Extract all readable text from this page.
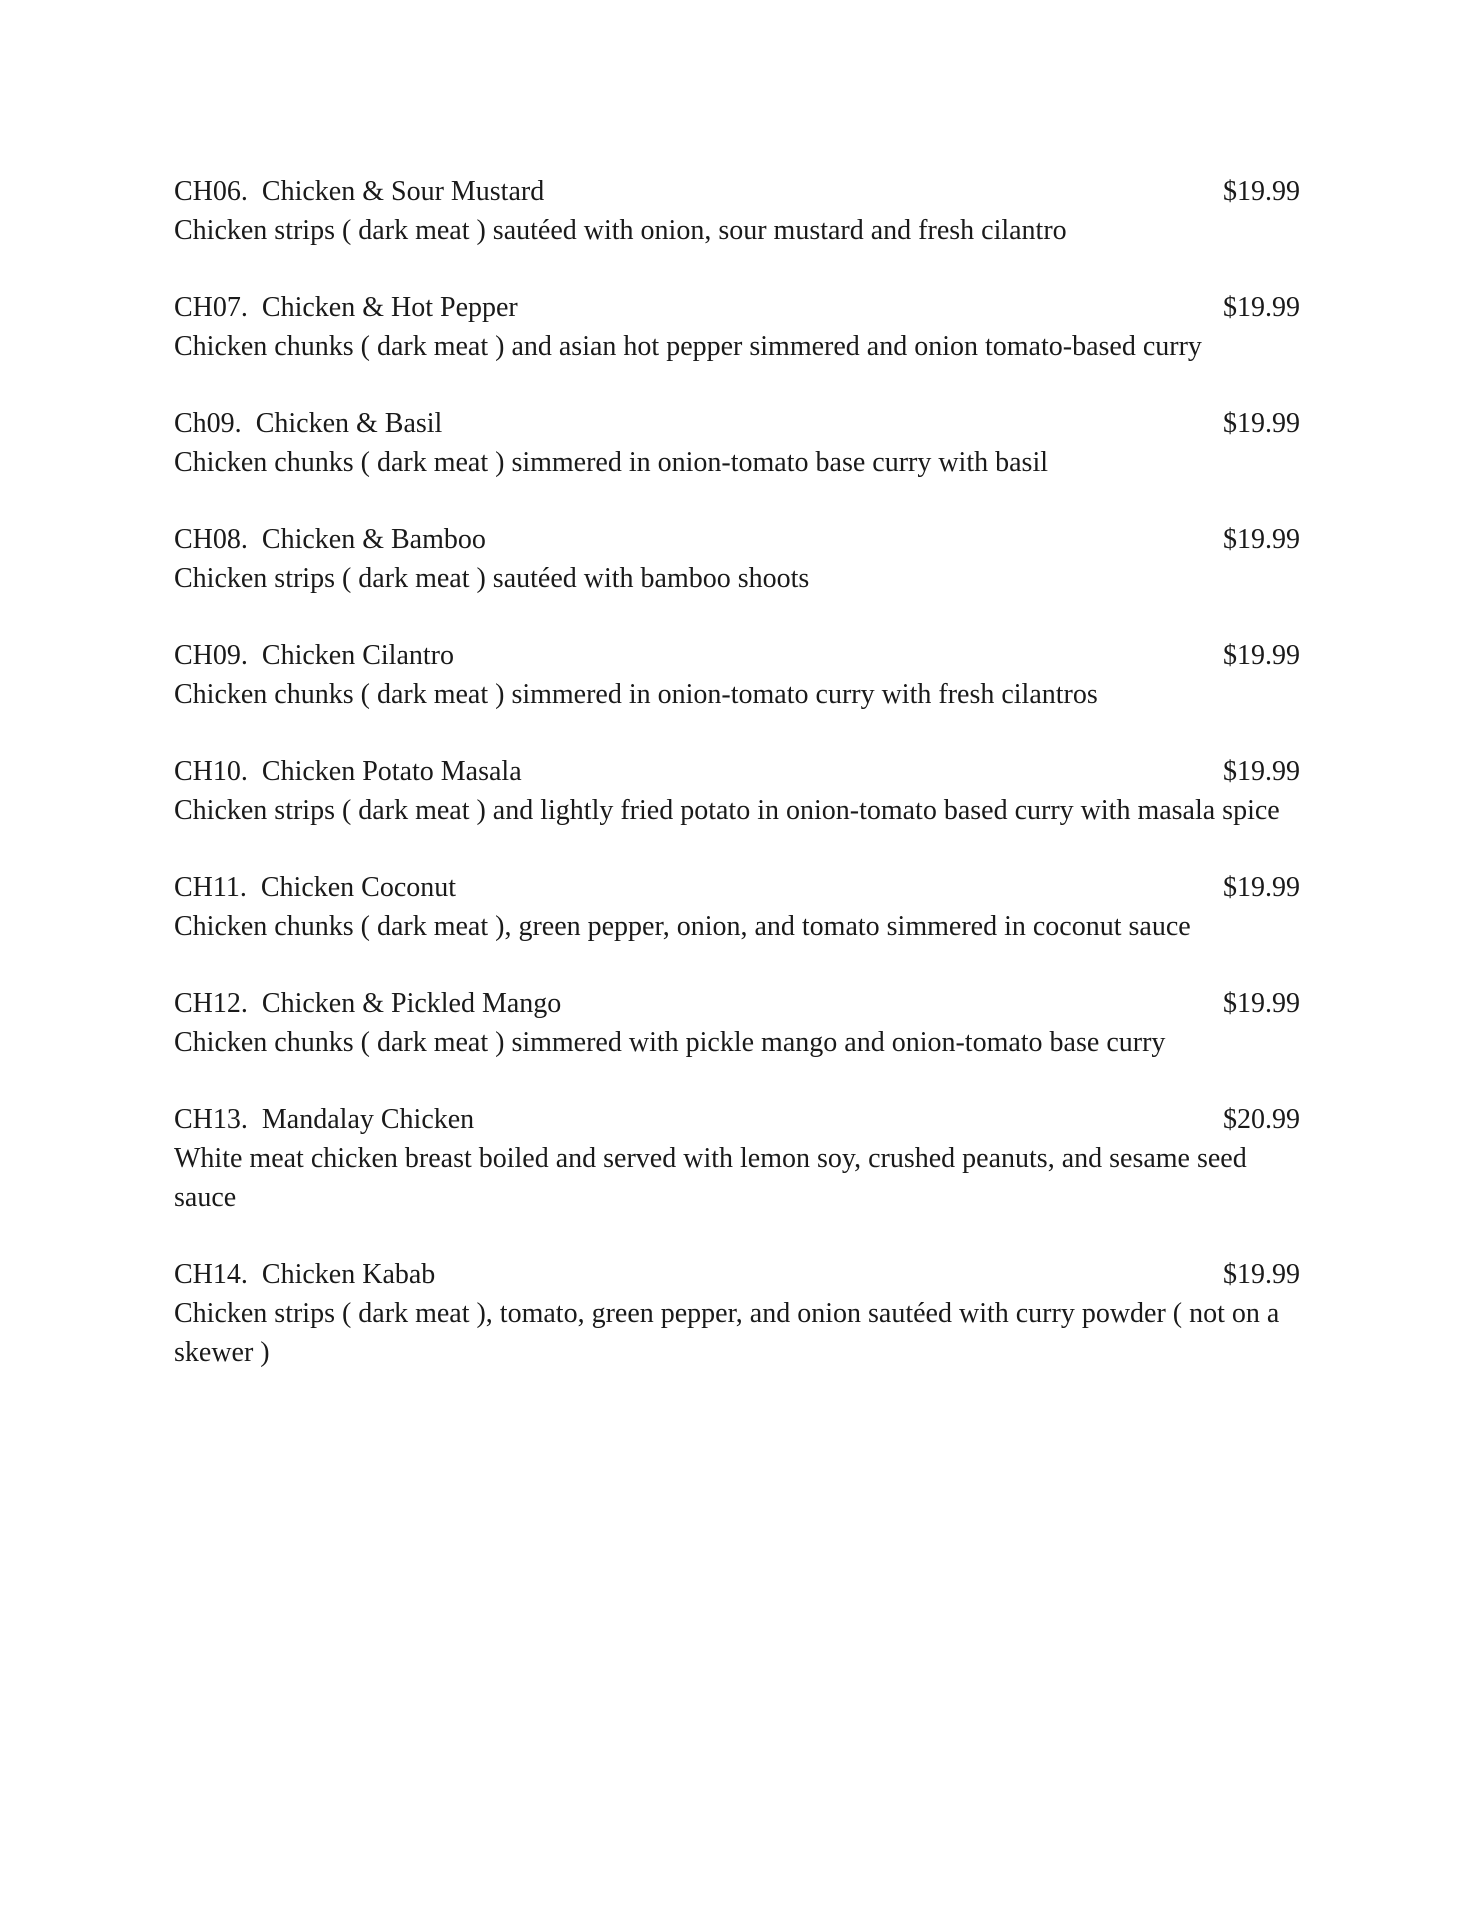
CH06. Chicken & Sour Mustard	$19.99

Chicken strips ( dark meat ) sautéed with onion, sour mustard and fresh cilantro

CH07. Chicken & Hot Pepper	$19.99

Chicken chunks ( dark meat ) and asian hot pepper simmered and onion tomato-based curry

Ch09. Chicken & Basil	$19.99

Chicken chunks ( dark meat ) simmered in onion-tomato base curry with basil

CH08. Chicken & Bamboo	$19.99

Chicken strips ( dark meat ) sautéed with bamboo shoots

CH09. Chicken Cilantro	$19.99

Chicken chunks ( dark meat ) simmered in onion-tomato curry with fresh cilantros

CH10. Chicken Potato Masala	$19.99

Chicken strips ( dark meat ) and lightly fried potato in onion-tomato based curry with masala spice

CH11. Chicken Coconut	$19.99

Chicken chunks ( dark meat ), green pepper, onion, and tomato simmered in coconut sauce

CH12. Chicken & Pickled Mango	$19.99

Chicken chunks ( dark meat ) simmered with pickle mango and onion-tomato base curry

CH13. Mandalay Chicken	$20.99

White meat chicken breast boiled and served with lemon soy, crushed peanuts, and sesame seed sauce

CH14. Chicken Kabab	$19.99

Chicken strips ( dark meat ), tomato, green pepper, and onion sautéed with curry powder ( not on a skewer )
